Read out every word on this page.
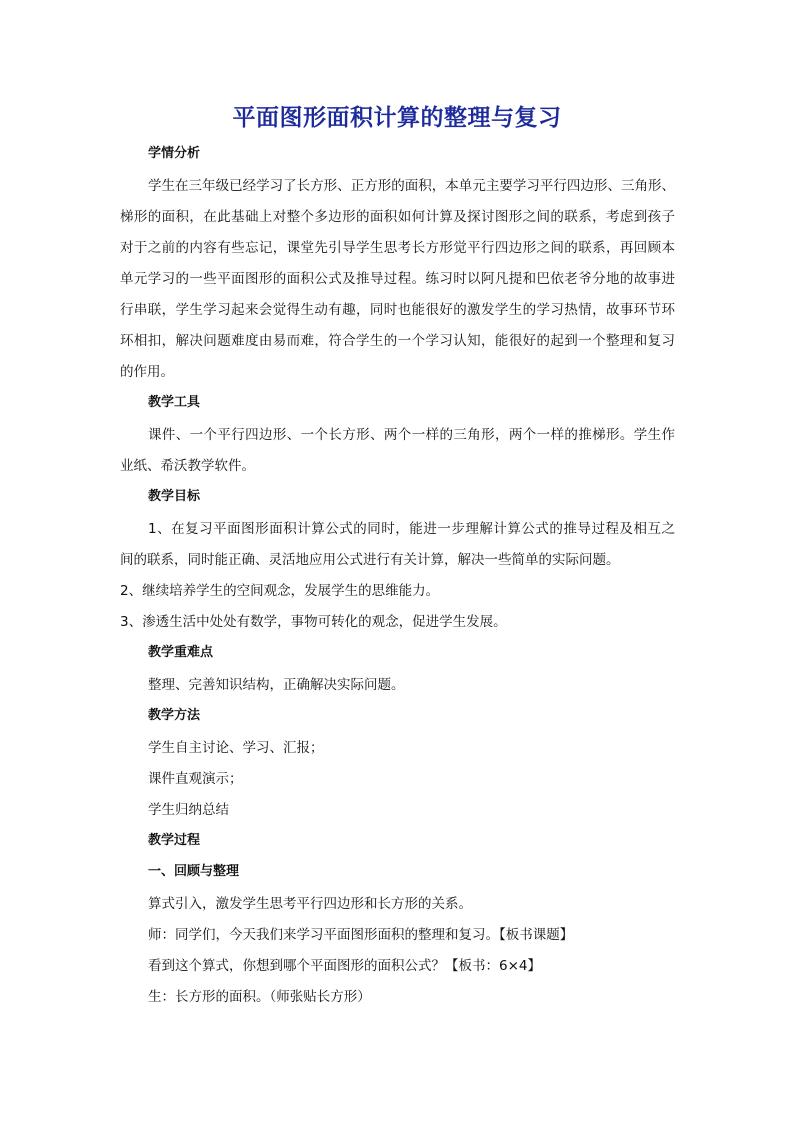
平面图形面积计算的整理与复习
学情分析
学生在三年级已经学习了长方形、正方形的面积，本单元主要学习平行四边形、三角形、
梯形的面积，在此基础上对整个多边形的面积如何计算及探讨图形之间的联系，考虑到孩子
对于之前的内容有些忘记，课堂先引导学生思考长方形觉平行四边形之间的联系，再回顾本
单元学习的一些平面图形的面积公式及推导过程。练习时以阿凡提和巴依老爷分地的故事进
行串联，学生学习起来会觉得生动有趣，同时也能很好的激发学生的学习热情，故事环节环
环相扣，解决问题难度由易而难，符合学生的一个学习认知，能很好的起到一个整理和复习
的作用。
教学工具
课件、一个平行四边形、一个长方形、两个一样的三角形，两个一样的推梯形。学生作
业纸、希沃教学软件。
教学目标
1、在复习平面图形面积计算公式的同时，能进一步理解计算公式的推导过程及相互之
间的联系，同时能正确、灵活地应用公式进行有关计算，解决一些简单的实际问题。
2、继续培养学生的空间观念，发展学生的思维能力。
3、渗透生活中处处有数学，事物可转化的观念，促进学生发展。
教学重难点
整理、完善知识结构，正确解决实际问题。
教学方法
学生自主讨论、学习、汇报；
课件直观演示；
学生归纳总结
教学过程
一、回顾与整理
算式引入，激发学生思考平行四边形和长方形的关系。
师：同学们，今天我们来学习平面图形面积的整理和复习。【板书课题】
看到这个算式，你想到哪个平面图形的面积公式？【板书：6×4】
生：长方形的面积。（师张贴长方形）
